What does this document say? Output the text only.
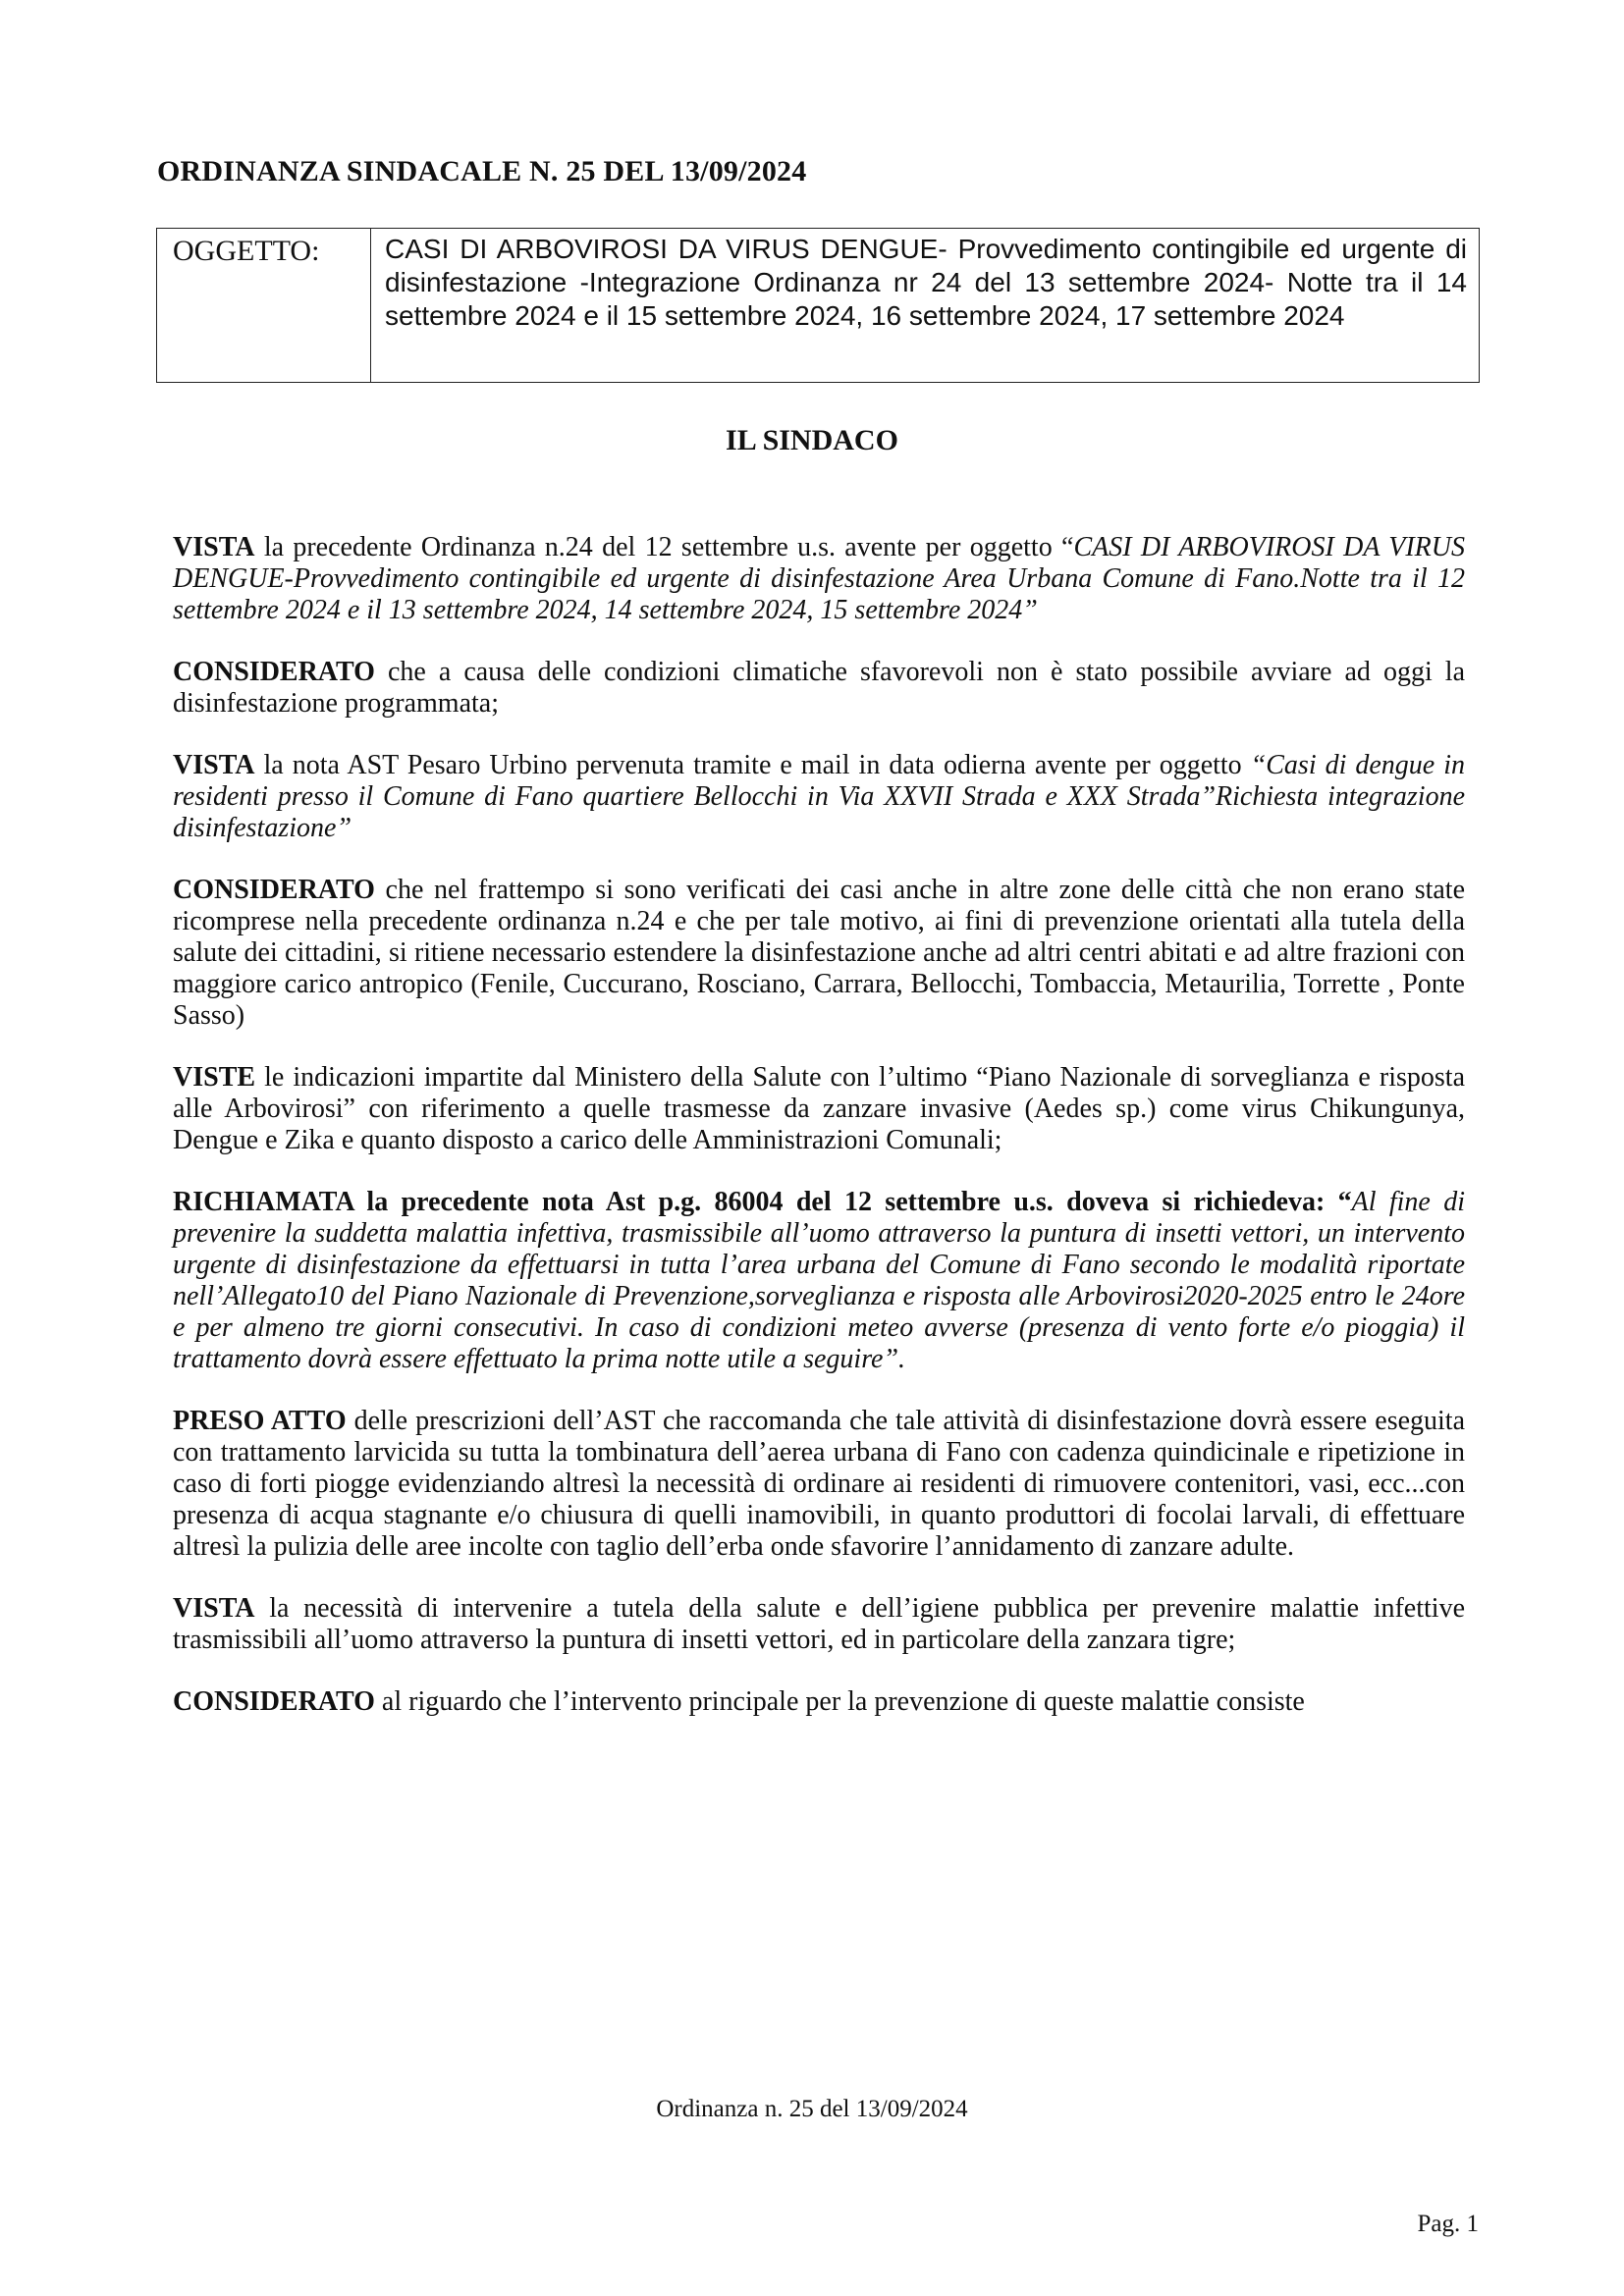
ORDINANZA SINDACALE N. 25 DEL 13/09/2024
OGGETTO:	CASI DI ARBOVIROSI DA VIRUS DENGUE- Provvedimento contingibile ed urgente di disinfestazione -Integrazione Ordinanza nr 24 del 13 settembre 2024- Notte tra il 14 settembre 2024 e il 15 settembre 2024, 16 settembre 2024, 17 settembre 2024
IL SINDACO

VISTA la precedente Ordinanza n.24 del 12 settembre u.s. avente per oggetto “CASI DI ARBOVIROSI DA VIRUS DENGUE-Provvedimento contingibile ed urgente di disinfestazione Area Urbana Comune di Fano.Notte tra il 12 settembre 2024 e il 13 settembre 2024, 14 settembre 2024, 15 settembre 2024”

CONSIDERATO che a causa delle condizioni climatiche sfavorevoli non è stato possibile avviare ad oggi la disinfestazione programmata;

VISTA la nota AST Pesaro Urbino pervenuta tramite e mail in data odierna avente per oggetto “Casi di dengue in residenti presso il Comune di Fano quartiere Bellocchi in Via XXVII Strada e XXX Strada”Richiesta integrazione disinfestazione”

CONSIDERATO che nel frattempo si sono verificati dei casi anche in altre zone delle città che non erano state ricomprese nella precedente ordinanza n.24 e che per tale motivo, ai fini di prevenzione orientati alla tutela della salute dei cittadini, si ritiene necessario estendere la disinfestazione anche ad altri centri abitati e ad altre frazioni con maggiore carico antropico (Fenile, Cuccurano, Rosciano, Carrara, Bellocchi, Tombaccia, Metaurilia, Torrette , Ponte Sasso)

VISTE le indicazioni impartite dal Ministero della Salute con l’ultimo “Piano Nazionale di sorveglianza e risposta alle Arbovirosi” con riferimento a quelle trasmesse da zanzare invasive (Aedes sp.) come virus Chikungunya, Dengue e Zika e quanto disposto a carico delle Amministrazioni Comunali;

RICHIAMATA la precedente nota Ast p.g. 86004 del 12 settembre u.s. doveva si richiedeva: “Al fine di prevenire la suddetta malattia infettiva, trasmissibile all’uomo attraverso la puntura di insetti vettori, un intervento urgente di disinfestazione da effettuarsi in tutta l’area urbana del Comune di Fano secondo le modalità riportate nell’Allegato10 del Piano Nazionale di Prevenzione,sorveglianza e risposta alle Arbovirosi2020-2025 entro le 24ore e per almeno tre giorni consecutivi. In caso di condizioni meteo avverse (presenza di vento forte e/o pioggia) il trattamento dovrà essere effettuato la prima notte utile a seguire”.

PRESO ATTO delle prescrizioni dell’AST che raccomanda che tale attività di disinfestazione dovrà essere eseguita con trattamento larvicida su tutta la tombinatura dell’aerea urbana di Fano con cadenza quindicinale e ripetizione in caso di forti piogge evidenziando altresì la necessità di ordinare ai residenti di rimuovere contenitori, vasi, ecc...con presenza di acqua stagnante e/o chiusura di quelli inamovibili, in quanto produttori di focolai larvali, di effettuare altresì la pulizia delle aree incolte con taglio dell’erba onde sfavorire l’annidamento di zanzare adulte.

VISTA la necessità di intervenire a tutela della salute e dell’igiene pubblica per prevenire malattie infettive trasmissibili all’uomo attraverso la puntura di insetti vettori, ed in particolare della zanzara tigre;

CONSIDERATO al riguardo che l’intervento principale per la prevenzione di queste malattie consiste

Ordinanza n. 25 del 13/09/2024
Pag. 1
